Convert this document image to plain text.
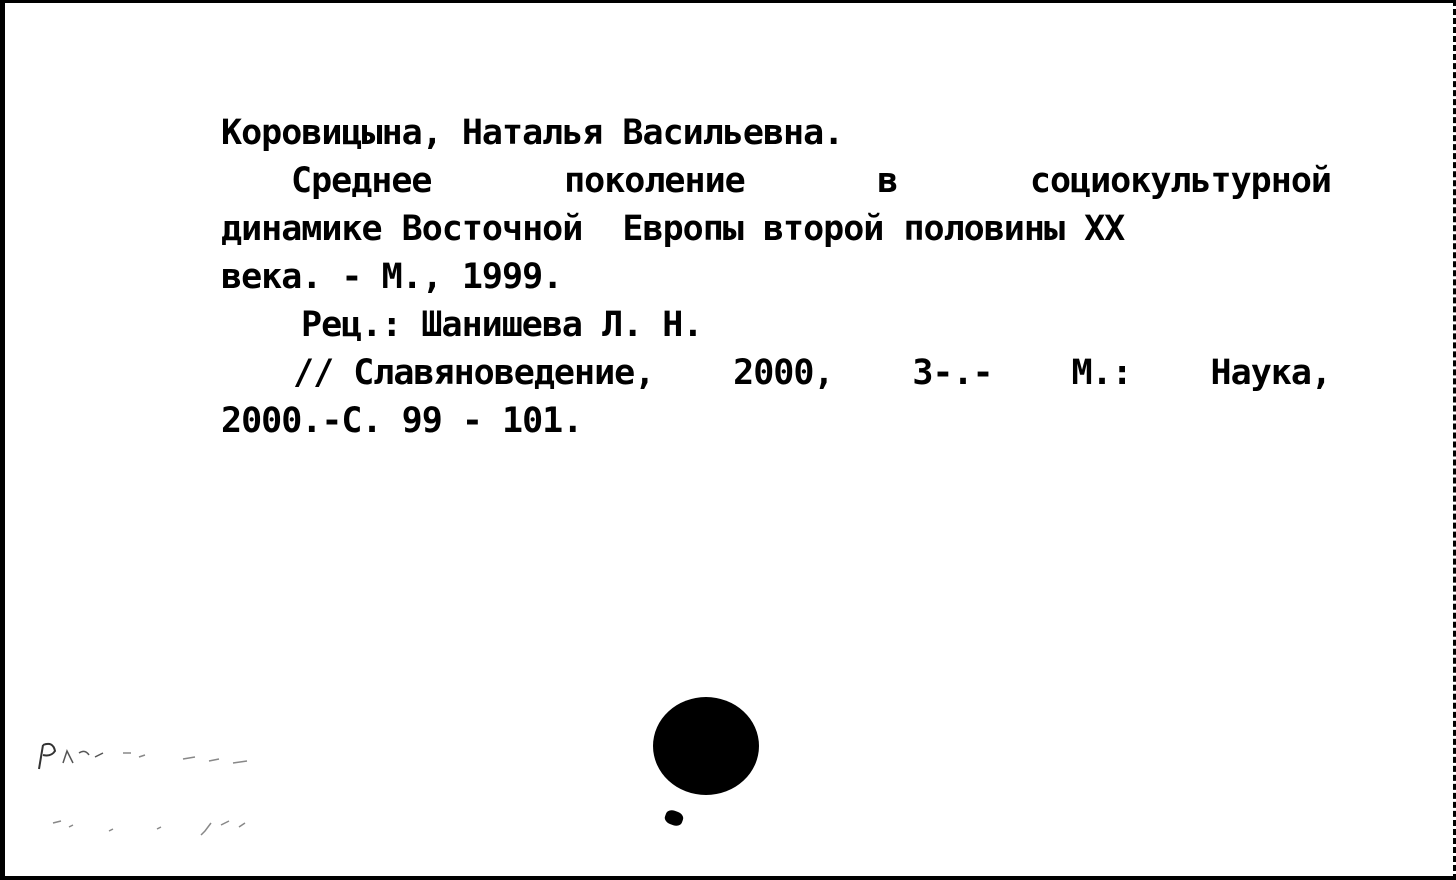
Коровицына, Наталья Васильевна.
Среднее	поколение	в	социокультурной
динамике Восточной  Европы второй половины XX
века. - М., 1999.
Рец.: Шанишева Л. Н.
// Славяноведение, 2000, 3-.- М.: Наука,
2000.-С. 99 - 101.
